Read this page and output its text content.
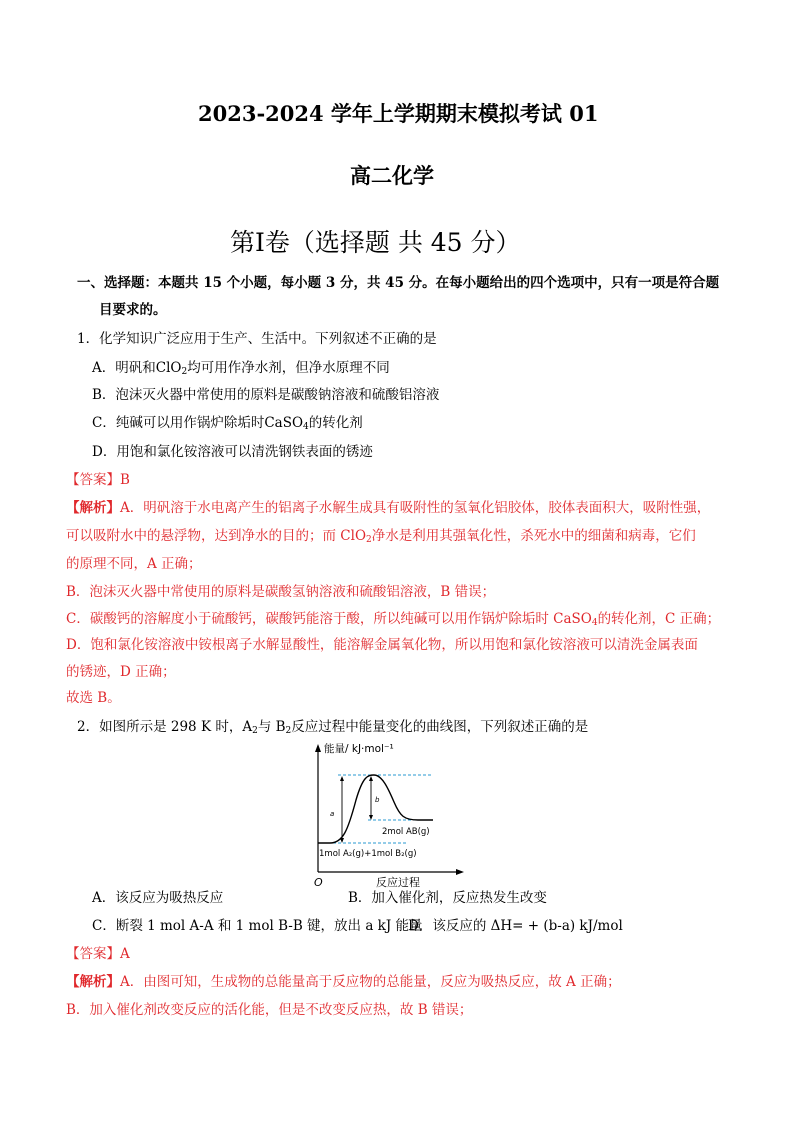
2023-2024 学年上学期期末模拟考试 01
高二化学
第I卷（选择题 共 45 分）
一、选择题：本题共 15 个小题，每小题 3 分，共 45 分。在每小题给出的四个选项中，只有一项是符合题
目要求的。
1．化学知识广泛应用于生产、生活中。下列叙述不正确的是
A．明矾和ClO$_2$均可用作净水剂，但净水原理不同
B．泡沫灭火器中常使用的原料是碳酸钠溶液和硫酸铝溶液
C．纯碱可以用作锅炉除垢时CaSO$_4$的转化剂
D．用饱和氯化铵溶液可以清洗钢铁表面的锈迹
【答案】B
【解析】A．明矾溶于水电离产生的铝离子水解生成具有吸附性的氢氧化铝胶体，胶体表面积大，吸附性强，
可以吸附水中的悬浮物，达到净水的目的；而 ClO$_2$净水是利用其强氧化性，杀死水中的细菌和病毒，它们
的原理不同，A 正确；
B．泡沫灭火器中常使用的原料是碳酸氢钠溶液和硫酸铝溶液，B 错误；
C．碳酸钙的溶解度小于硫酸钙，碳酸钙能溶于酸，所以纯碱可以用作锅炉除垢时 CaSO$_4$的转化剂，C 正确；
D．饱和氯化铵溶液中铵根离子水解显酸性，能溶解金属氧化物，所以用饱和氯化铵溶液可以清洗金属表面
的锈迹，D 正确；
故选 B。
2．如图所示是 298 K 时，$A_2$与 $B_2$反应过程中能量变化的曲线图，下列叙述正确的是
能量/ kJ·mol⁻¹
O	反应过程
a
b
2mol AB(g)
1mol A₂(g)+1mol B₂(g)
A．该反应为吸热反应	B．加入催化剂，反应热发生改变
C．断裂 1 mol A-A 和 1 mol B-B 键，放出 a kJ 能量
D．该反应的 ΔH= + (b-a) kJ/mol
【答案】A
【解析】A．由图可知，生成物的总能量高于反应物的总能量，反应为吸热反应，故 A 正确；
B．加入催化剂改变反应的活化能，但是不改变反应热，故 B 错误；
